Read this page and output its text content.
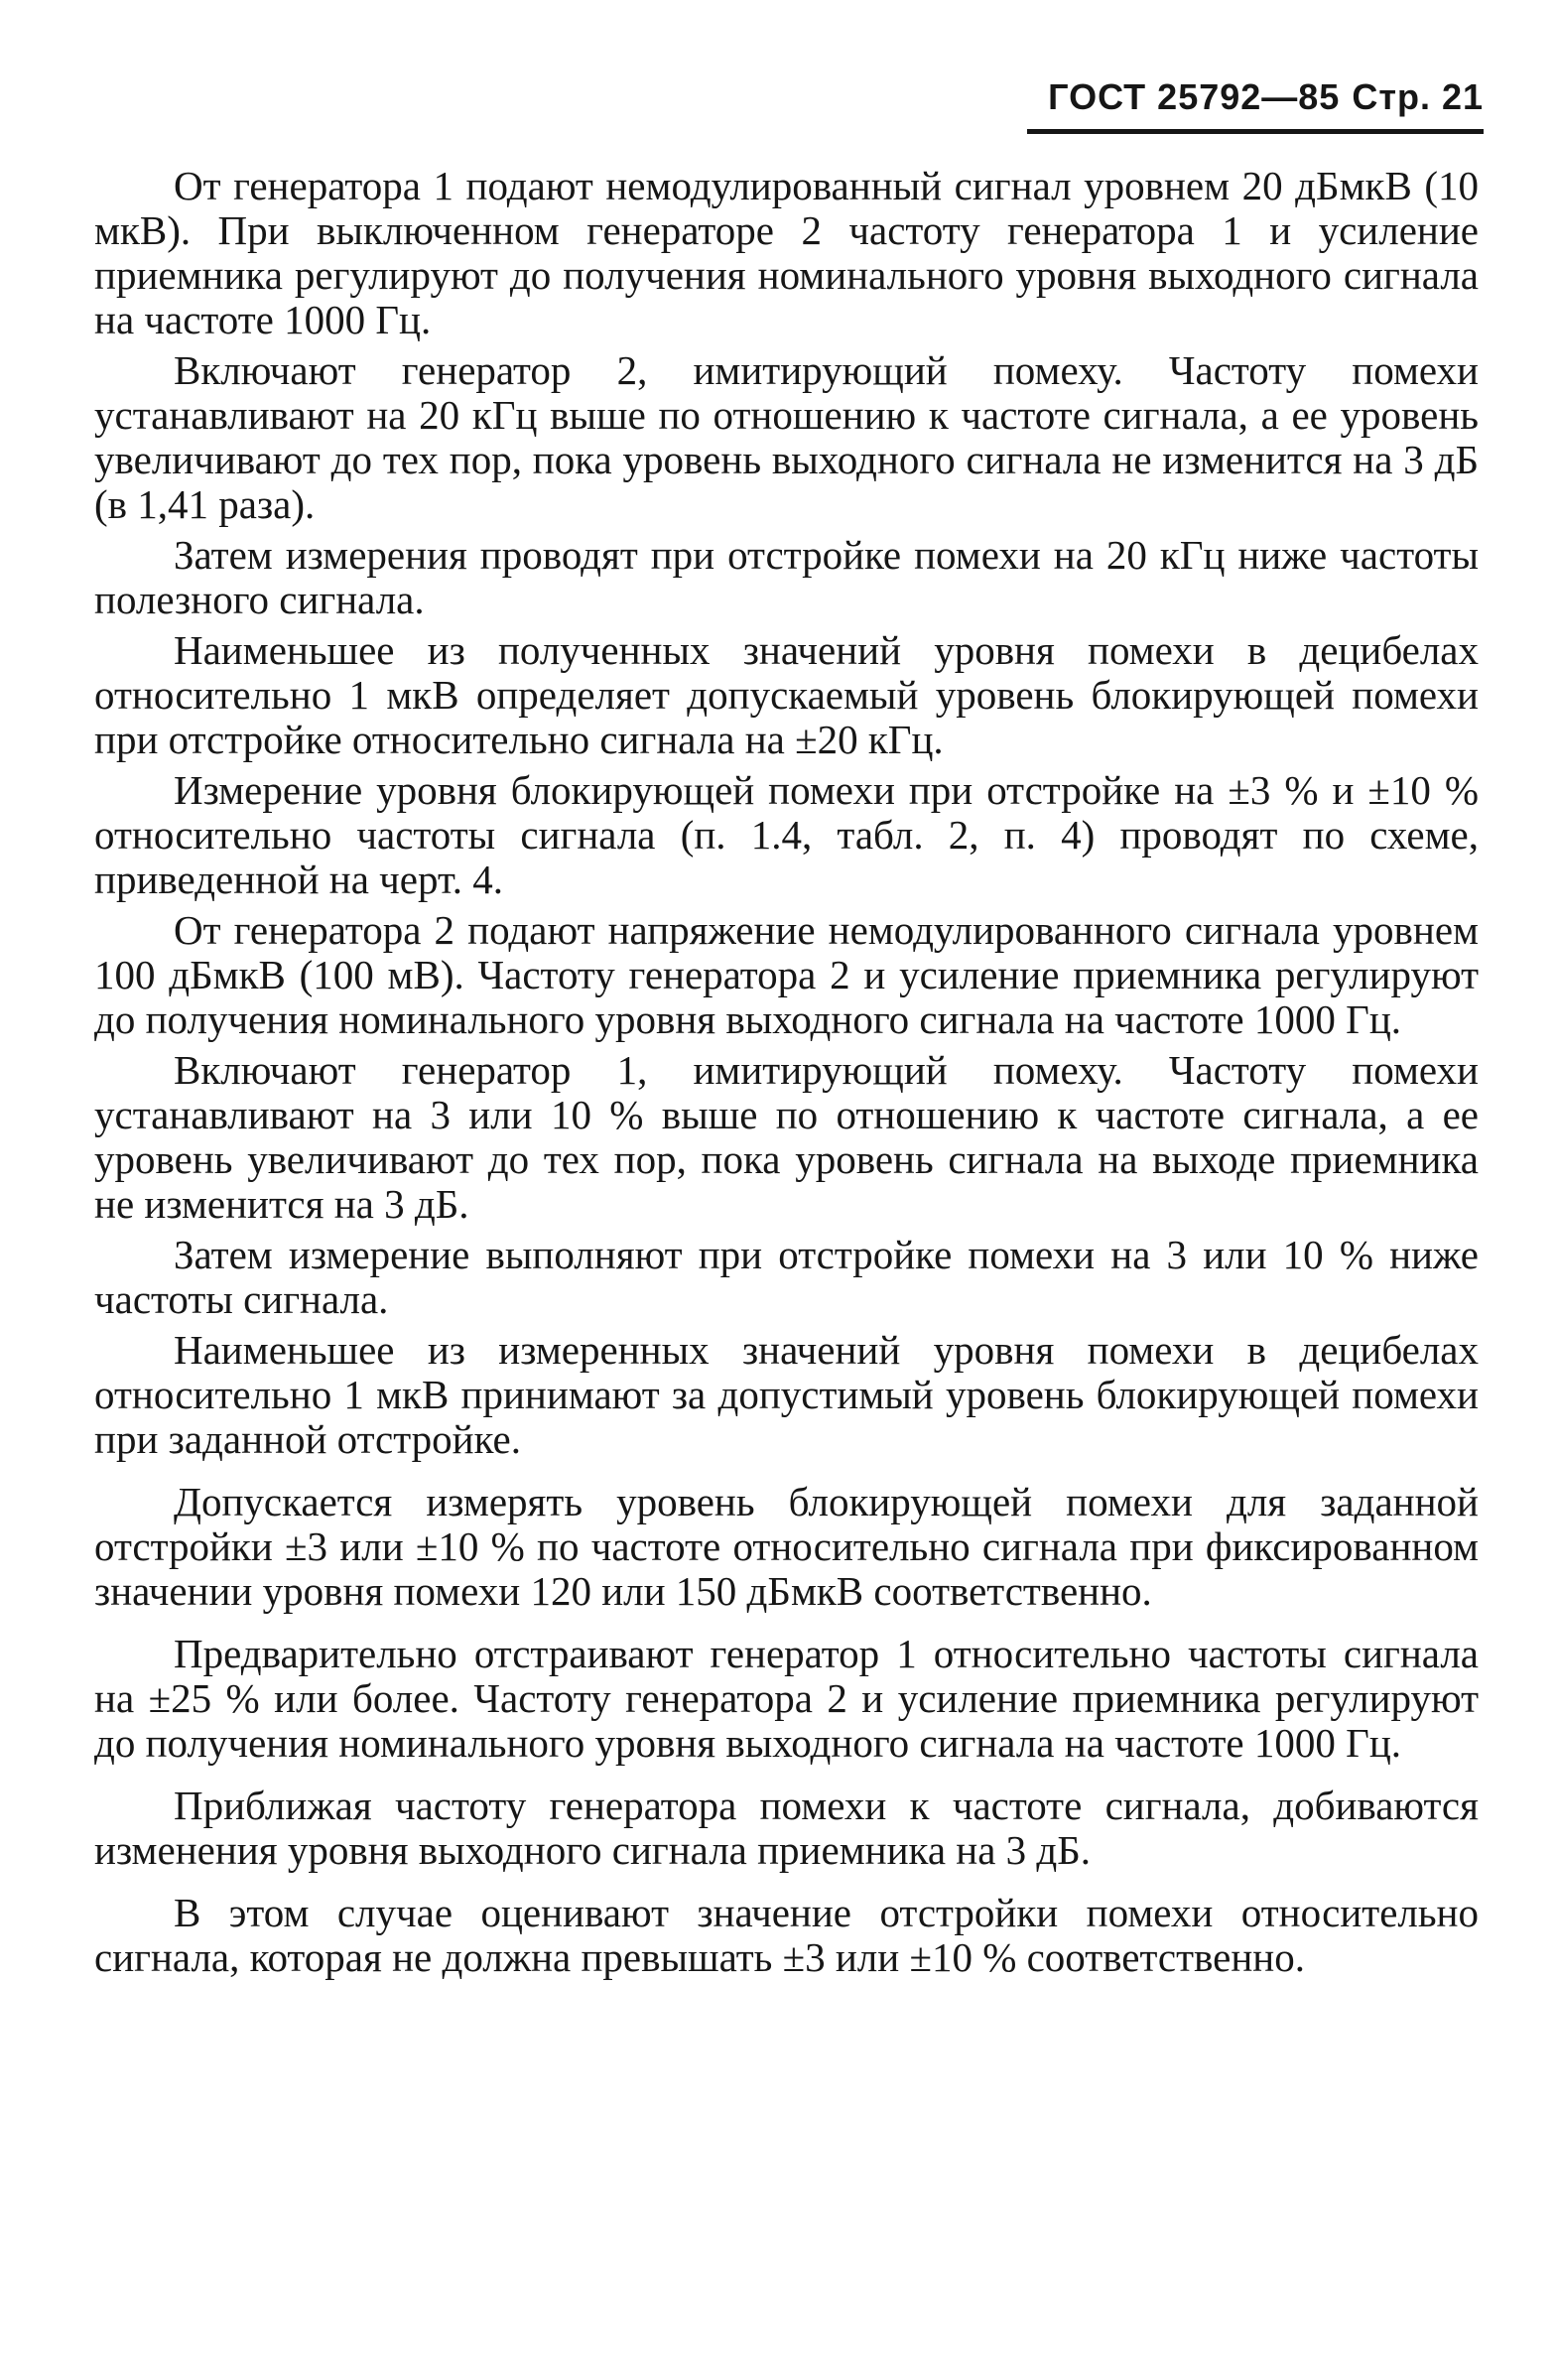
ГОСТ 25792—85 Стр. 21

От генератора 1 подают немодулированный сигнал уровнем 20 дБмкВ (10 мкВ). При выключенном генераторе 2 частоту генератора 1 и усиление приемника регулируют до получения номинального уровня выходного сигнала на частоте 1000 Гц.

Включают генератор 2, имитирующий помеху. Частоту помехи устанавливают на 20 кГц выше по отношению к частоте сигнала, а ее уровень увеличивают до тех пор, пока уровень выходного сигнала не изменится на 3 дБ (в 1,41 раза).

Затем измерения проводят при отстройке помехи на 20 кГц ниже частоты полезного сигнала.

Наименьшее из полученных значений уровня помехи в децибелах относительно 1 мкВ определяет допускаемый уровень блокирующей помехи при отстройке относительно сигнала на ±20 кГц.

Измерение уровня блокирующей помехи при отстройке на ±3 % и ±10 % относительно частоты сигнала (п. 1.4, табл. 2, п. 4) проводят по схеме, приведенной на черт. 4.

От генератора 2 подают напряжение немодулированного сигнала уровнем 100 дБмкВ (100 мВ). Частоту генератора 2 и усиление приемника регулируют до получения номинального уровня выходного сигнала на частоте 1000 Гц.

Включают генератор 1, имитирующий помеху. Частоту помехи устанавливают на 3 или 10 % выше по отношению к частоте сигнала, а ее уровень увеличивают до тех пор, пока уровень сигнала на выходе приемника не изменится на 3 дБ.

Затем измерение выполняют при отстройке помехи на 3 или 10 % ниже частоты сигнала.

Наименьшее из измеренных значений уровня помехи в децибелах относительно 1 мкВ принимают за допустимый уровень блокирующей помехи при заданной отстройке.

Допускается измерять уровень блокирующей помехи для заданной отстройки ±3 или ±10 % по частоте относительно сигнала при фиксированном значении уровня помехи 120 или 150 дБмкВ соответственно.

Предварительно отстраивают генератор 1 относительно частоты сигнала на ±25 % или более. Частоту генератора 2 и усиление приемника регулируют до получения номинального уровня выходного сигнала на частоте 1000 Гц.

Приближая частоту генератора помехи к частоте сигнала, добиваются изменения уровня выходного сигнала приемника на 3 дБ.

В этом случае оценивают значение отстройки помехи относительно сигнала, которая не должна превышать ±3 или ±10 % соответственно.
